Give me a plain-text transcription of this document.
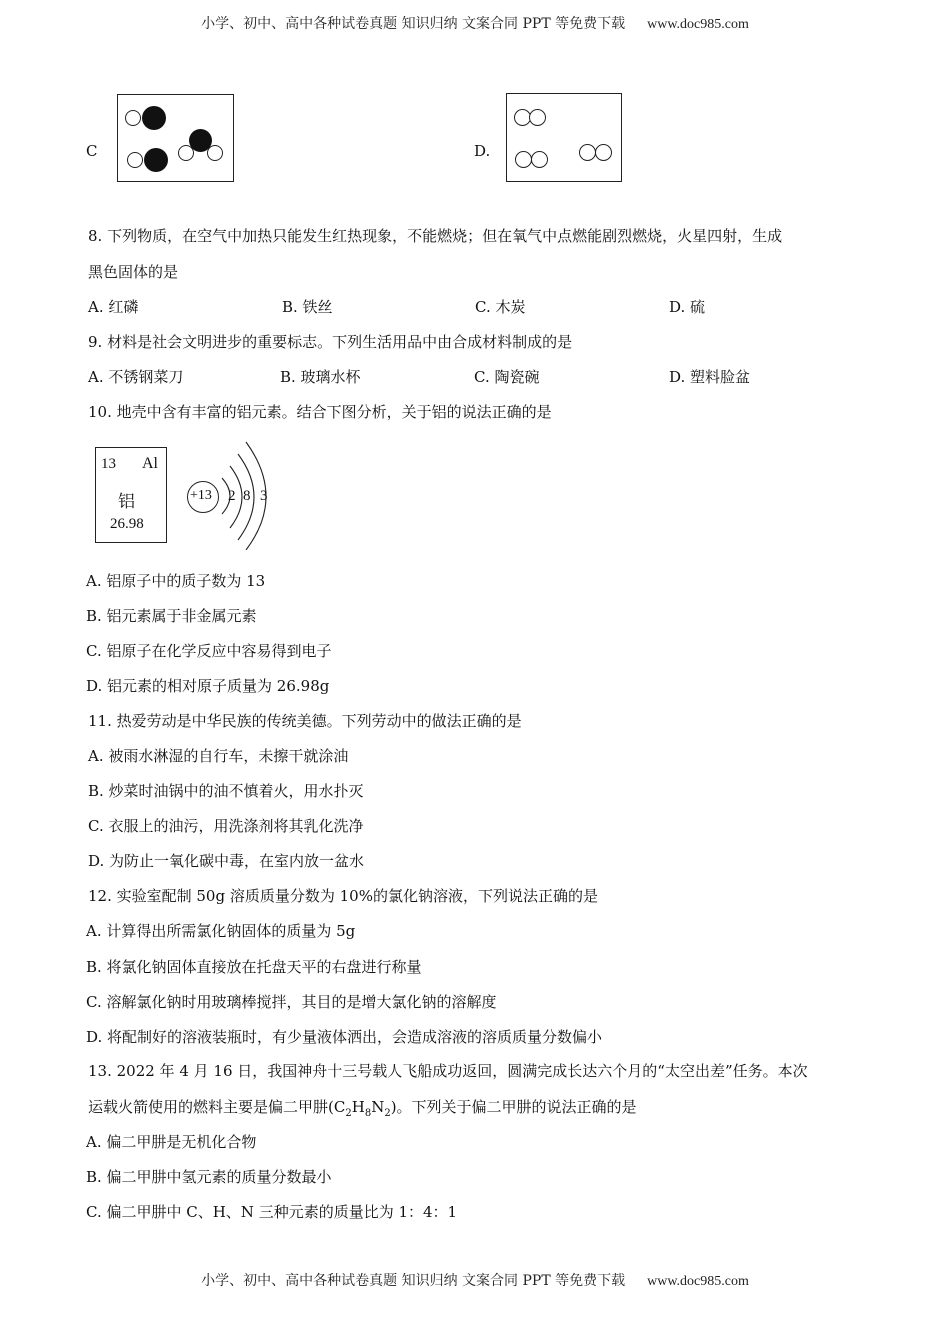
小学、初中、高中各种试卷真题 知识归纳 文案合同 PPT 等免费下载 www.doc985.com
C	D.
8. 下列物质，在空气中加热只能发生红热现象，不能燃烧；但在氧气中点燃能剧烈燃烧，火星四射，生成
黑色固体的是
A. 红磷	B. 铁丝	C. 木炭	D. 硫
9. 材料是社会文明进步的重要标志。下列生活用品中由合成材料制成的是
A. 不锈钢菜刀	B. 玻璃水杯	C. 陶瓷碗	D. 塑料脸盆
10. 地壳中含有丰富的铝元素。结合下图分析，关于铝的说法正确的是
13 Al
铝
26.98
+13 2 8 3
A. 铝原子中的质子数为 13
B. 铝元素属于非金属元素
C. 铝原子在化学反应中容易得到电子
D. 铝元素的相对原子质量为 26.98g
11. 热爱劳动是中华民族的传统美德。下列劳动中的做法正确的是
A. 被雨水淋湿的自行车，未擦干就涂油
B. 炒菜时油锅中的油不慎着火，用水扑灭
C. 衣服上的油污，用洗涤剂将其乳化洗净
D. 为防止一氧化碳中毒，在室内放一盆水
12. 实验室配制 50g 溶质质量分数为 10%的氯化钠溶液，下列说法正确的是
A. 计算得出所需氯化钠固体的质量为 5g
B. 将氯化钠固体直接放在托盘天平的右盘进行称量
C. 溶解氯化钠时用玻璃棒搅拌，其目的是增大氯化钠的溶解度
D. 将配制好的溶液装瓶时，有少量液体洒出，会造成溶液的溶质质量分数偏小
13. 2022 年 4 月 16 日，我国神舟十三号载人飞船成功返回，圆满完成长达六个月的“太空出差”任务。本次
运载火箭使用的燃料主要是偏二甲肼$(C_2H_8N_2)$。下列关于偏二甲肼的说法正确的是
A. 偏二甲肼是无机化合物
B. 偏二甲肼中氢元素的质量分数最小
C. 偏二甲肼中 C、H、N 三种元素的质量比为 1：4：1
小学、初中、高中各种试卷真题 知识归纳 文案合同 PPT 等免费下载 www.doc985.com
